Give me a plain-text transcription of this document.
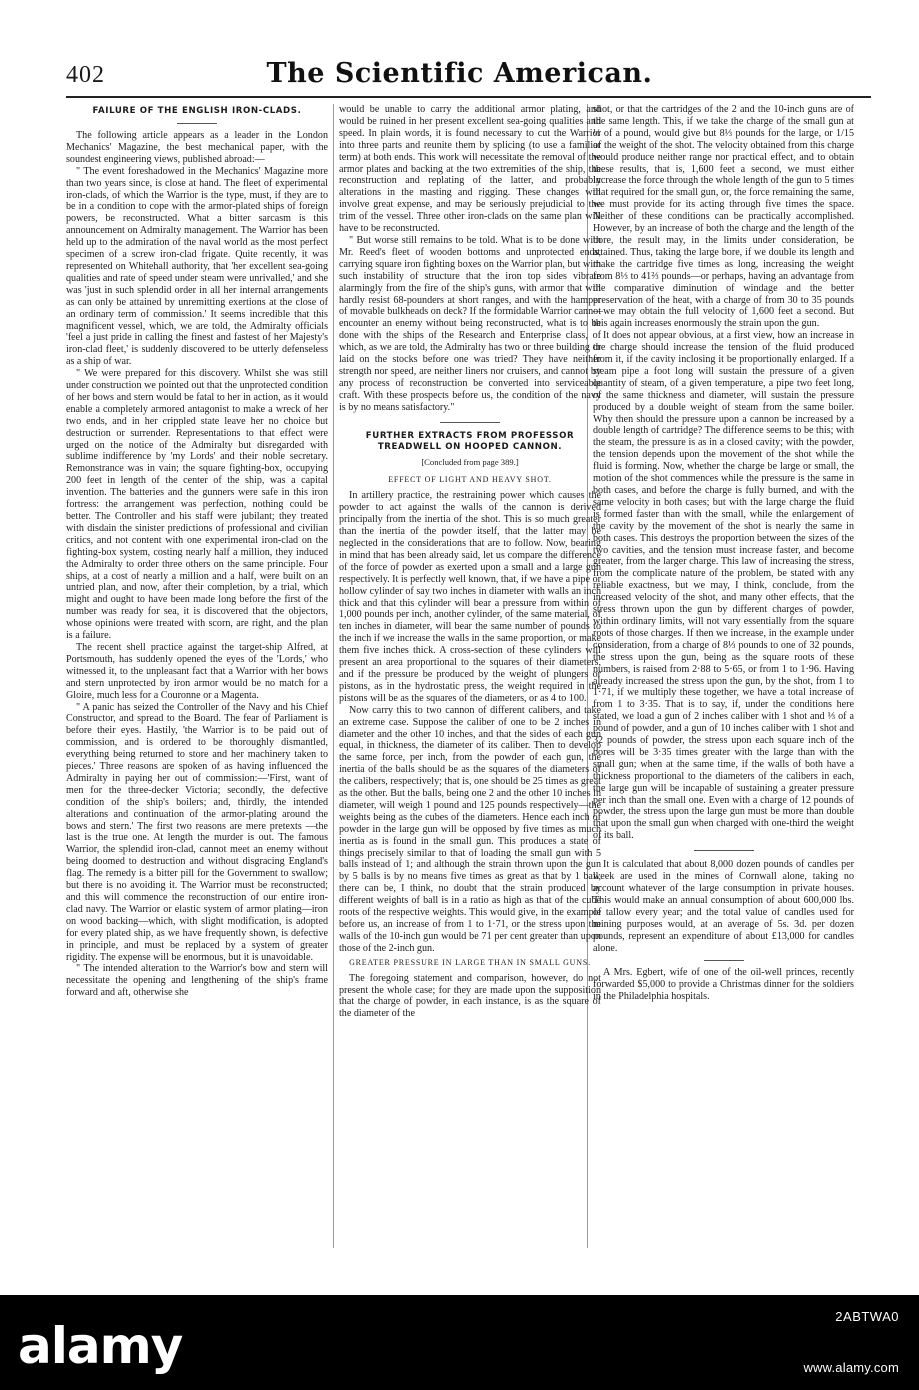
402	The Scientific American.
FAILURE OF THE ENGLISH IRON-CLADS.

The following article appears as a leader in the London Mechanics' Magazine, the best mechanical paper, with the soundest engineering views, published abroad:—

" The event foreshadowed in the Mechanics' Magazine more than two years since, is close at hand. The fleet of experimental iron-clads, of which the Warrior is the type, must, if they are to be in a condition to cope with the armor-plated ships of foreign powers, be reconstructed. What a bitter sarcasm is this announcement on Admiralty management. The Warrior has been held up to the admiration of the naval world as the most perfect specimen of a screw iron-clad frigate. Quite recently, it was represented on Whitehall authority, that 'her excellent sea-going qualities and rate of speed under steam were unrivalled,' and she was 'just in such splendid order in all her internal arrangements as can only be attained by unremitting exertions at the close of an ordinary term of commission.' It seems incredible that this magnificent vessel, which, we are told, the Admiralty officials 'feel a just pride in calling the finest and fastest of her Majesty's iron-clad fleet,' is suddenly discovered to be utterly defenseless as a ship of war.

" We were prepared for this discovery. Whilst she was still under construction we pointed out that the unprotected condition of her bows and stern would be fatal to her in action, as it would enable a completely armored antagonist to make a wreck of her two ends, and in her crippled state leave her no choice but destruction or surrender. Representations to that effect were urged on the notice of the Admiralty but disregarded with sublime indifference by 'my Lords' and their noble secretary. Remonstrance was in vain; the square fighting-box, occupying 200 feet in length of the center of the ship, was a capital invention. The batteries and the gunners were safe in this iron fortress: the arrangement was perfection, nothing could be better. The Controller and his staff were jubilant; they treated with disdain the sinister predictions of professional and civilian critics, and not content with one experimental iron-clad on the fighting-box system, costing nearly half a million, they induced the Admiralty to order three others on the same principle. Four ships, at a cost of nearly a million and a half, were built on an untried plan, and now, after their completion, by a trial, which might and ought to have been made long before the first of the number was ready for sea, it is discovered that the objectors, whose opinions were treated with scorn, are right, and the plan is a failure.

The recent shell practice against the target-ship Alfred, at Portsmouth, has suddenly opened the eyes of the 'Lords,' who witnessed it, to the unpleasant fact that a Warrior with her bows and stern unprotected by iron armor would be no match for a Gloire, much less for a Couronne or a Magenta.

" A panic has seized the Controller of the Navy and his Chief Constructor, and spread to the Board. The fear of Parliament is before their eyes. Hastily, 'the Warrior is to be paid out of commission, and is ordered to be thoroughly dismantled, everything being returned to store and her machinery taken to pieces.' Three reasons are spoken of as having influenced the Admiralty in paying her out of commission:—'First, want of men for the three-decker Victoria; secondly, the defective condition of the ship's boilers; and, thirdly, the intended alterations and continuation of the armor-plating around the bows and stern.' The first two reasons are mere pretexts —the last is the true one. At length the murder is out. The famous Warrior, the splendid iron-clad, cannot meet an enemy without being doomed to destruction and without disgracing England's flag. The remedy is a bitter pill for the Government to swallow; but there is no avoiding it. The Warrior must be reconstructed; and this will commence the reconstruction of our entire iron-clad navy. The Warrior or elastic system of armor plating—iron on wood backing—which, with slight modification, is adopted for every plated ship, as we have frequently shown, is defective in principle, and must be replaced by a system of greater rigidity. The expense will be enormous, but it is unavoidable.

" The intended alteration to the Warrior's bow and stern will necessitate the opening and lengthening of the ship's frame forward and aft, otherwise she

would be unable to carry the additional armor plating, and would be ruined in her present excellent sea-going qualities and speed. In plain words, it is found necessary to cut the Warrior into three parts and reunite them by splicing (to use a familiar term) at both ends. This work will necessitate the removal of the armor plates and backing at the two extremities of the ship, the reconstruction and replating of the latter, and probably alterations in the masting and rigging. These changes will involve great expense, and may be seriously prejudicial to the trim of the vessel. Three other iron-clads on the same plan will have to be reconstructed.

" But worse still remains to be told. What is to be done with Mr. Reed's fleet of wooden bottoms and unprotected ends, carrying square iron fighting boxes on the Warrior plan, but with such instability of structure that the iron top sides vibrate alarmingly from the fire of the ship's guns, with armor that will hardly resist 68-pounders at short ranges, and with the hamper of movable bulkheads on deck? If the formidable Warrior cannot encounter an enemy without being reconstructed, what is to be done with the ships of the Research and Enterprise class, of which, as we are told, the Admiralty has two or three building or laid on the stocks before one was tried? They have neither strength nor speed, are neither liners nor cruisers, and cannot by any process of reconstruction be converted into serviceable craft. With these prospects before us, the condition of the navy is by no means satisfactory."

FURTHER EXTRACTS FROM PROFESSOR TREADWELL ON HOOPED CANNON.
[Concluded from page 389.]
EFFECT OF LIGHT AND HEAVY SHOT.

In artillery practice, the restraining power which causes the powder to act against the walls of the cannon is derived principally from the inertia of the shot. This is so much greater than the inertia of the powder itself, that the latter may be neglected in the considerations that are to follow. Now, bearing in mind that has been already said, let us compare the difference of the force of powder as exerted upon a small and a large gun respectively. It is perfectly well known, that, if we have a pipe or hollow cylinder of say two inches in diameter with walls an inch thick and that this cylinder will bear a pressure from within of 1,000 pounds per inch, another cylinder, of the same material, of ten inches in diameter, will bear the same number of pounds to the inch if we increase the walls in the same proportion, or make them five inches thick. A cross-section of these cylinders will present an area proportional to the squares of their diameters, and if the pressure be produced by the weight of plungers or pistons, as in the hydrostatic press, the weight required in the pistons will be as the squares of the diameters, or as 4 to 100.

Now carry this to two cannon of different calibers, and take an extreme case. Suppose the caliber of one to be 2 inches in diameter and the other 10 inches, and that the sides of each gun equal, in thickness, the diameter of its caliber. Then to develop the same force, per inch, from the powder of each gun, the inertia of the balls should be as the squares of the diameters of the calibers, respectively; that is, one should be 25 times as great as the other. But the balls, being one 2 and the other 10 inches in diameter, will weigh 1 pound and 125 pounds respectively—the weights being as the cubes of the diameters. Hence each inch of powder in the large gun will be opposed by five times as much inertia as is found in the small gun. This produces a state of things precisely similar to that of loading the small gun with 5 balls instead of 1; and although the strain thrown upon the gun by 5 balls is by no means five times as great as that by 1 ball, there can be, I think, no doubt that the strain produced by different weights of ball is in a ratio as high as that of the cube roots of the respective weights. This would give, in the example before us, an increase of from 1 to 1·71, or the stress upon the walls of the 10-inch gun would be 71 per cent greater than upon those of the 2-inch gun.

GREATER PRESSURE IN LARGE THAN IN SMALL GUNS.

The foregoing statement and comparison, however, do not present the whole case; for they are made upon the supposition that the charge of powder, in each instance, is as the square of the diameter of the

shot, or that the cartridges of the 2 and the 10-inch guns are of the same length. This, if we take the charge of the small gun at ⅓ of a pound, would give but 8⅓ pounds for the large, or 1/15 of the weight of the shot. The velocity obtained from this charge would produce neither range nor practical effect, and to obtain these results, that is, 1,600 feet a second, we must either increase the force through the whole length of the gun to 5 times that required for the small gun, or, the force remaining the same, we must provide for its acting through five times the space. Neither of these conditions can be practically accomplished. However, by an increase of both the charge and the length of the bore, the result may, in the limits under consideration, be attained. Thus, taking the large bore, if we double its length and make the cartridge five times as long, increasing the weight from 8⅓ to 41⅔ pounds—or perhaps, having an advantage from the comparative diminution of windage and the better preservation of the heat, with a charge of from 30 to 35 pounds—we may obtain the full velocity of 1,600 feet a second. But this again increases enormously the strain upon the gun.

It does not appear obvious, at a first view, how an increase in the charge should increase the tension of the fluid produced from it, if the cavity inclosing it be proportionally enlarged. If a steam pipe a foot long will sustain the pressure of a given quantity of steam, of a given temperature, a pipe two feet long, of the same thickness and diameter, will sustain the pressure produced by a double weight of steam from the same boiler. Why then should the pressure upon a cannon be increased by a double length of cartridge? The difference seems to be this; with the steam, the pressure is as in a closed cavity; with the powder, the tension depends upon the movement of the shot while the fluid is forming. Now, whether the charge be large or small, the motion of the shot commences while the pressure is the same in both cases, and before the charge is fully burned, and with the same velocity in both cases; but with the large charge the fluid is formed faster than with the small, while the enlargement of the cavity by the movement of the shot is nearly the same in both cases. This destroys the proportion between the sizes of the two cavities, and the tension must increase faster, and become greater, from the larger charge. This law of increasing the stress, from the complicate nature of the problem, be stated with any reliable exactness, but we may, I think, conclude, from the increased velocity of the shot, and many other effects, that the stress thrown upon the gun by different charges of powder, within ordinary limits, will not vary essentially from the square roots of those charges. If then we increase, in the example under consideration, from a charge of 8⅓ pounds to one of 32 pounds, the stress upon the gun, being as the square roots of these numbers, is raised from 2·88 to 5·65, or from 1 to 1·96. Having already increased the stress upon the gun, by the shot, from 1 to 1·71, if we multiply these together, we have a total increase of from 1 to 3·35. That is to say, if, under the conditions here stated, we load a gun of 2 inches caliber with 1 shot and ⅓ of a pound of powder, and a gun of 10 inches caliber with 1 shot and 32 pounds of powder, the stress upon each square inch of the bores will be 3·35 times greater with the large than with the small gun; when at the same time, if the walls of both have a thickness proportional to the diameters of the calibers in each, the large gun will be incapable of sustaining a greater pressure per inch than the small one. Even with a charge of 12 pounds of powder, the stress upon the large gun must be more than double that upon the small gun when charged with one-third the weight of its ball.

It is calculated that about 8,000 dozen pounds of candles per week are used in the mines of Cornwall alone, taking no account whatever of the large consumption in private houses. This would make an annual consumption of about 600,000 lbs. of tallow every year; and the total value of candles used for mining purposes would, at an average of 5s. 3d. per dozen pounds, represent an expenditure of about £13,000 for candles alone.

A Mrs. Egbert, wife of one of the oil-well princes, recently forwarded $5,000 to provide a Christmas dinner for the soldiers in the Philadelphia hospitals.

alamy
2ABTWA0
www.alamy.com
